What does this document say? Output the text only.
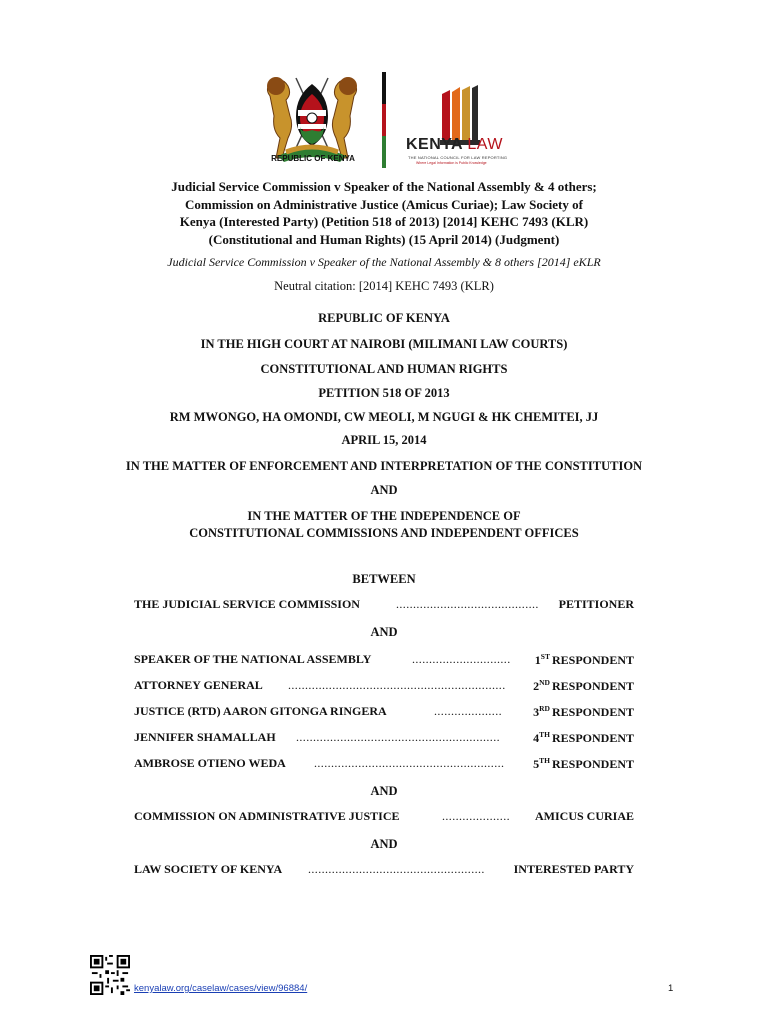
REPUBLIC OF KENYA
KENYA LAW
THE NATIONAL COUNCIL FOR LAW REPORTING
Where Legal Information is Public Knowledge
Judicial Service Commission v Speaker of the National Assembly & 4 others;
Commission on Administrative Justice (Amicus Curiae); Law Society of
Kenya (Interested Party) (Petition 518 of 2013) [2014] KEHC 7493 (KLR)
(Constitutional and Human Rights) (15 April 2014) (Judgment)
Judicial Service Commission v Speaker of the National Assembly & 8 others [2014] eKLR
Neutral citation: [2014] KEHC 7493 (KLR)
REPUBLIC OF KENYA
IN THE HIGH COURT AT NAIROBI (MILIMANI LAW COURTS)
CONSTITUTIONAL AND HUMAN RIGHTS
PETITION 518 OF 2013
RM MWONGO, HA OMONDI, CW MEOLI, M NGUGI & HK CHEMITEI, JJ
APRIL 15, 2014
IN THE MATTER OF ENFORCEMENT AND INTERPRETATION OF THE CONSTITUTION
AND
IN THE MATTER OF THE INDEPENDENCE OF
CONSTITUTIONAL COMMISSIONS AND INDEPENDENT OFFICES
BETWEEN
THE JUDICIAL SERVICE COMMISSION	..........................................	PETITIONER
AND
SPEAKER OF THE NATIONAL ASSEMBLY	.............................	1ST RESPONDENT
ATTORNEY GENERAL ................................................................	2ND RESPONDENT
JUSTICE (RTD) AARON GITONGA RINGERA	....................	3RD RESPONDENT
JENNIFER SHAMALLAH ............................................................	4TH RESPONDENT
AMBROSE OTIENO WEDA ........................................................	5TH RESPONDENT
AND
COMMISSION ON ADMINISTRATIVE JUSTICE	....................	AMICUS CURIAE
AND
LAW SOCIETY OF KENYA ....................................................	INTERESTED PARTY
kenyalaw.org/caselaw/cases/view/96884/	1
